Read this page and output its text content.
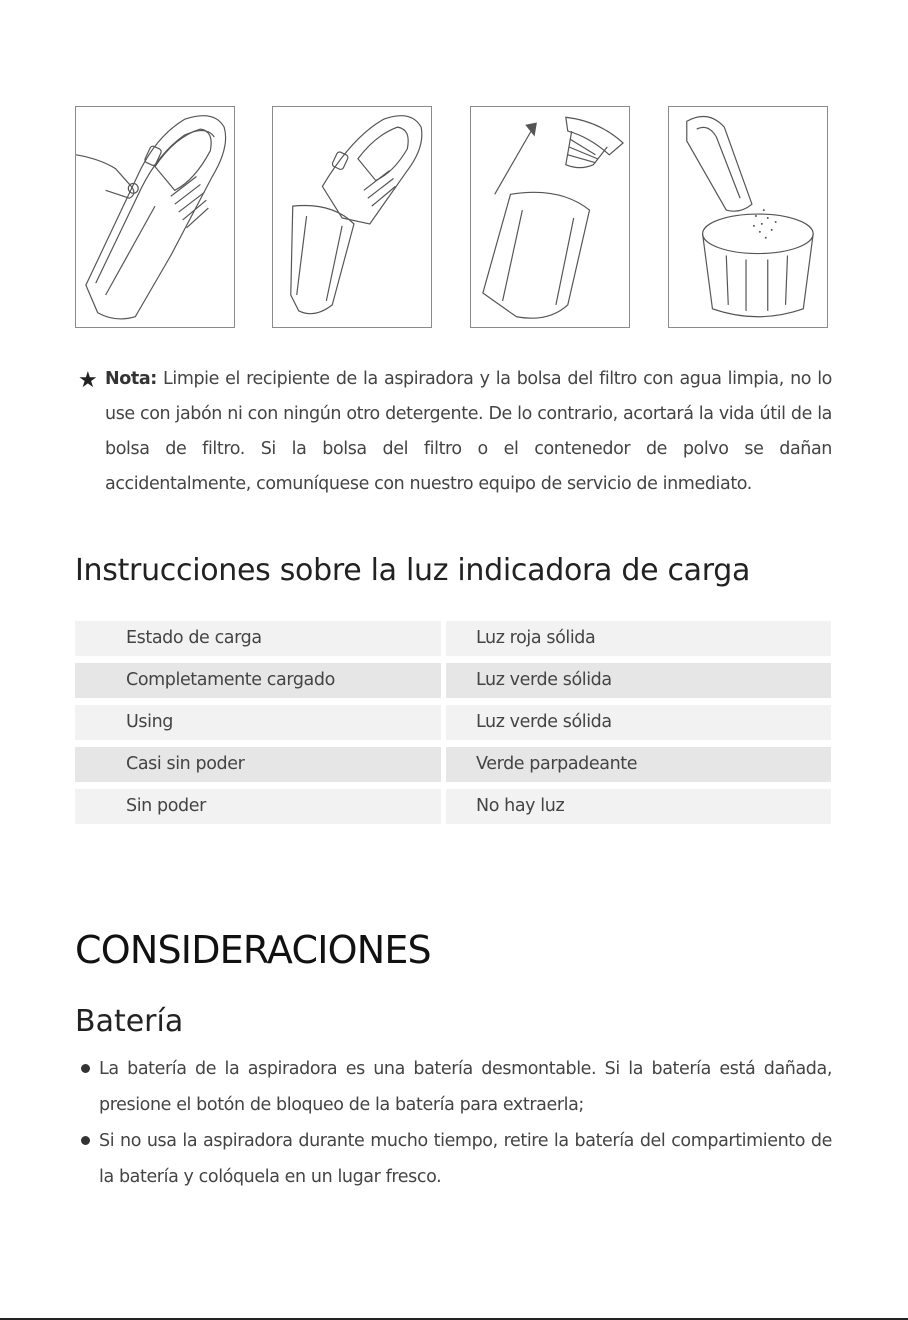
★ Nota: Limpie el recipiente de la aspiradora y la bolsa del filtro con agua limpia, no lo use con jabón ni con ningún otro detergente. De lo contrario, acortará la vida útil de la bolsa de filtro. Si la bolsa del filtro o el contenedor de polvo se dañan accidentalmente, comuníquese con nuestro equipo de servicio de inmediato.
Instrucciones sobre la luz indicadora de carga
Estado de carga	Luz roja sólida
Completamente cargado	Luz verde sólida
Using	Luz verde sólida
Casi sin poder	Verde parpadeante
Sin poder	No hay luz
CONSIDERACIONES
Batería
La batería de la aspiradora es una batería desmontable. Si la batería está dañada, presione el botón de bloqueo de la batería para extraerla;
Si no usa la aspiradora durante mucho tiempo, retire la batería del compartimiento de la batería y colóquela en un lugar fresco.
